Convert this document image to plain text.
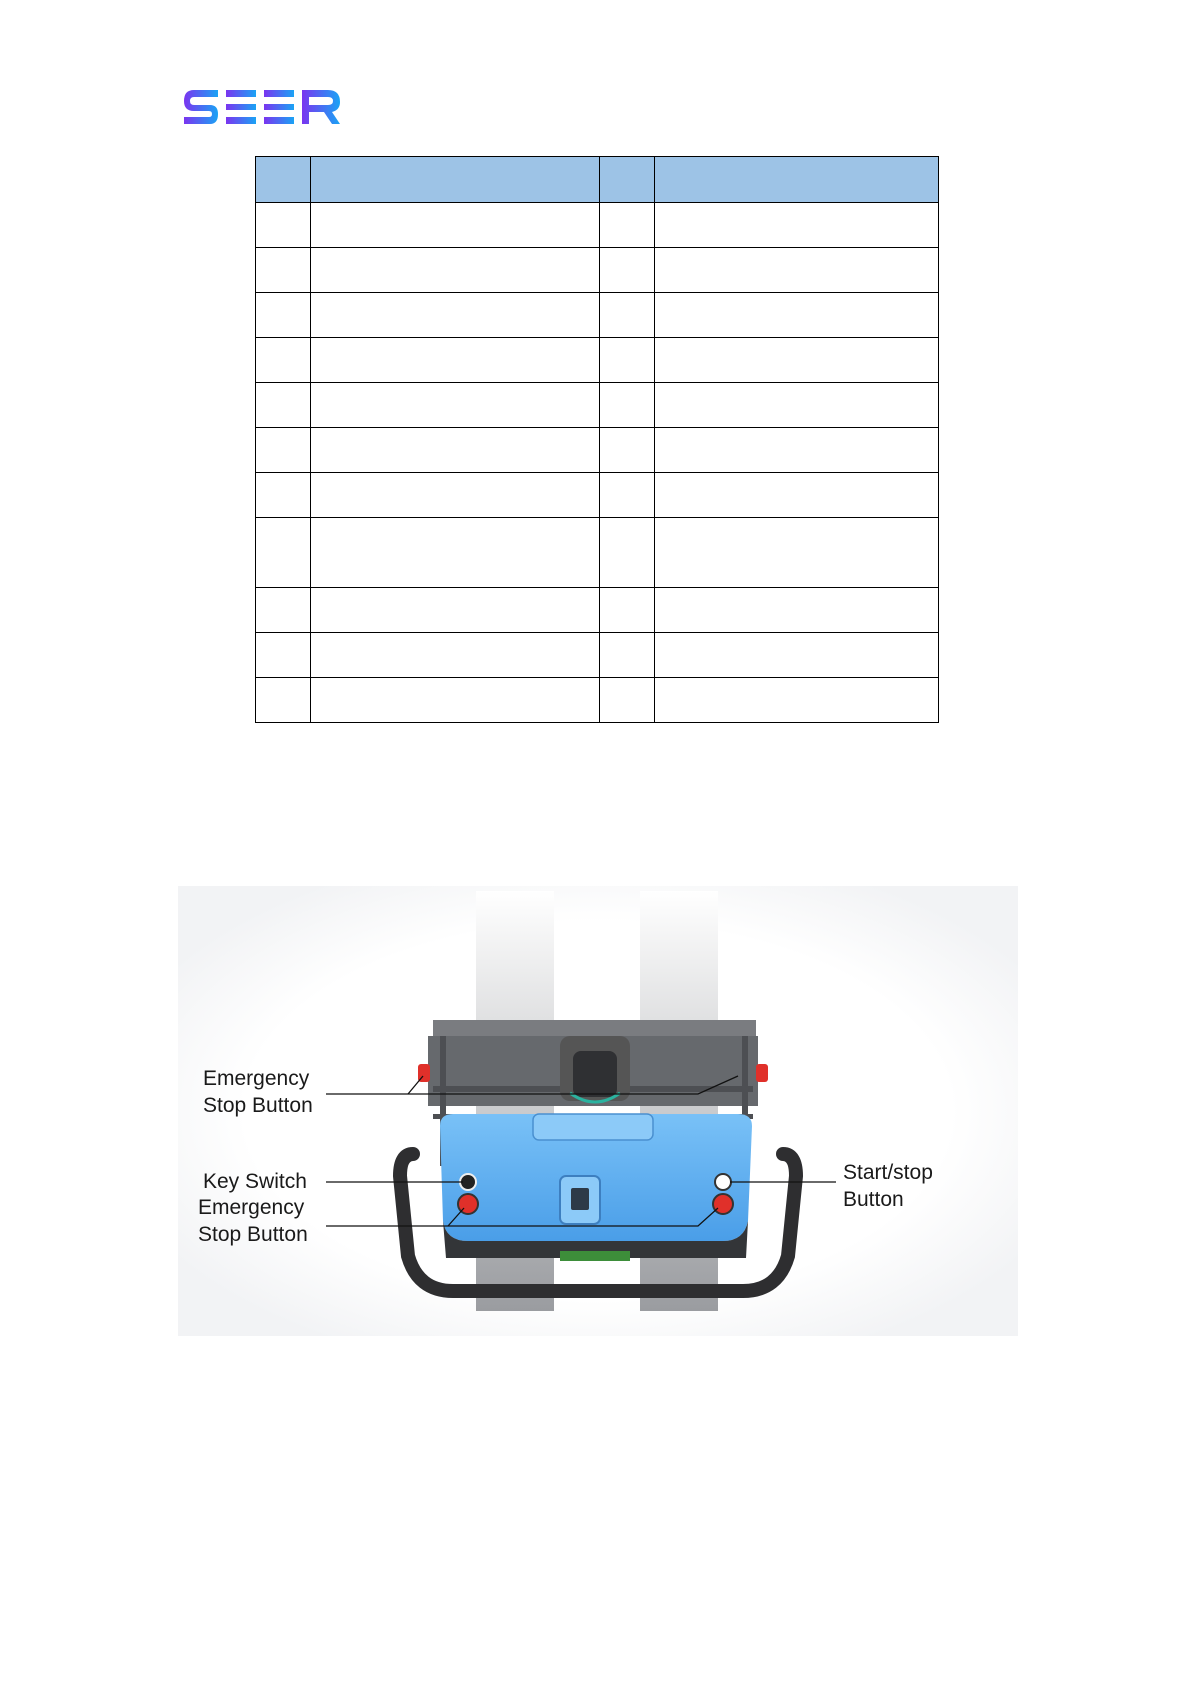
Emergency
Stop Button
Key Switch
Emergency
Stop Button
Start/stop
Button
